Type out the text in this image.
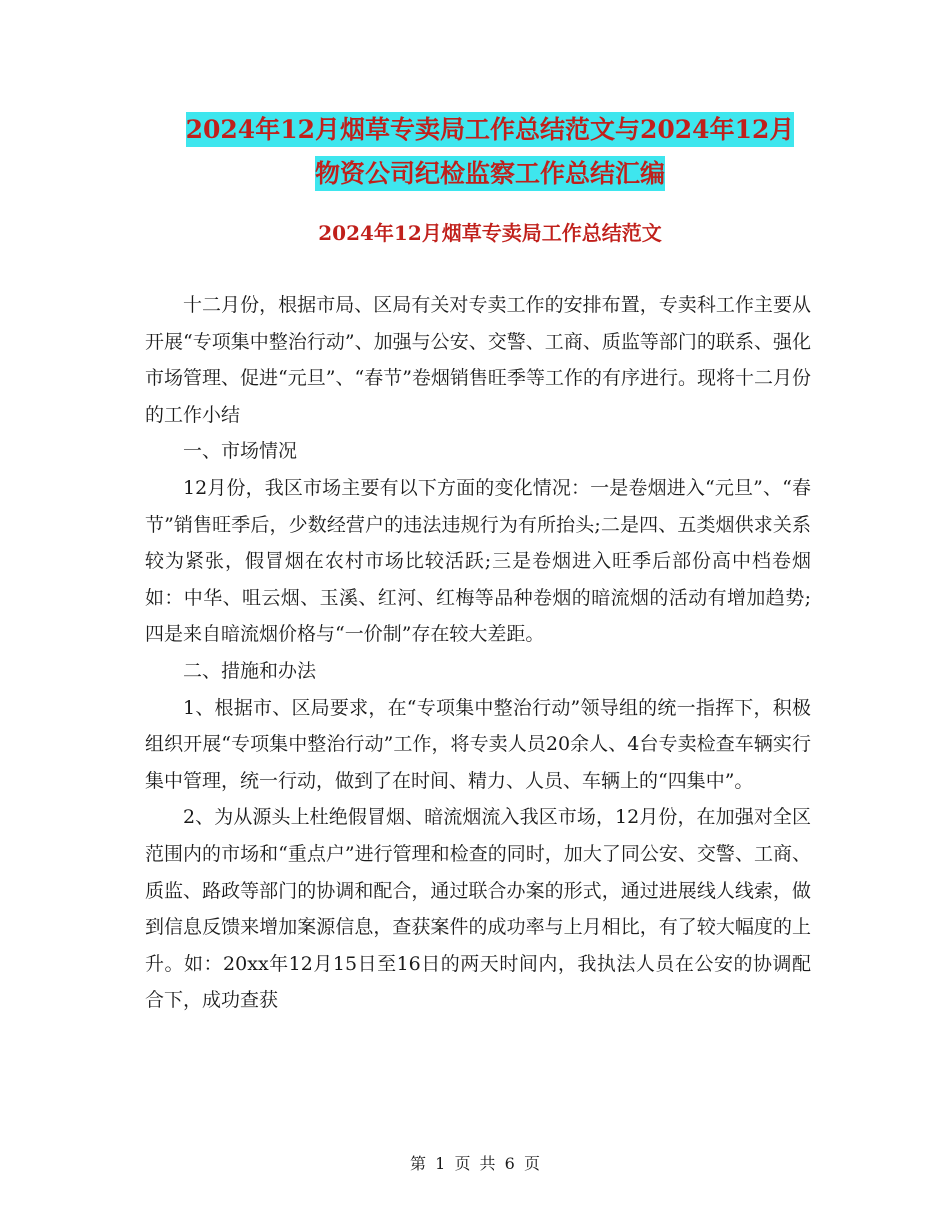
2024年12月烟草专卖局工作总结范文与2024年12月
物资公司纪检监察工作总结汇编
2024年12月烟草专卖局工作总结范文

十二月份，根据市局、区局有关对专卖工作的安排布置，专卖科工作主要从开展“专项集中整治行动”、加强与公安、交警、工商、质监等部门的联系、强化市场管理、促进“元旦”、“春节”卷烟销售旺季等工作的有序进行。现将十二月份的工作小结

一、市场情况

12月份，我区市场主要有以下方面的变化情况：一是卷烟进入“元旦”、“春节”销售旺季后，少数经营户的违法违规行为有所抬头;二是四、五类烟供求关系较为紧张，假冒烟在农村市场比较活跃;三是卷烟进入旺季后部份高中档卷烟如：中华、咀云烟、玉溪、红河、红梅等品种卷烟的暗流烟的活动有增加趋势;四是来自暗流烟价格与“一价制”存在较大差距。

二、措施和办法

1、根据市、区局要求，在“专项集中整治行动”领导组的统一指挥下，积极组织开展“专项集中整治行动”工作，将专卖人员20余人、4台专卖检查车辆实行集中管理，统一行动，做到了在时间、精力、人员、车辆上的“四集中”。

2、为从源头上杜绝假冒烟、暗流烟流入我区市场，12月份，在加强对全区范围内的市场和“重点户”进行管理和检查的同时，加大了同公安、交警、工商、质监、路政等部门的协调和配合，通过联合办案的形式，通过进展线人线索，做到信息反馈来增加案源信息，查获案件的成功率与上月相比，有了较大幅度的上升。如：20xx年12月15日至16日的两天时间内，我执法人员在公安的协调配合下，成功查获

第 1 页 共 6 页
